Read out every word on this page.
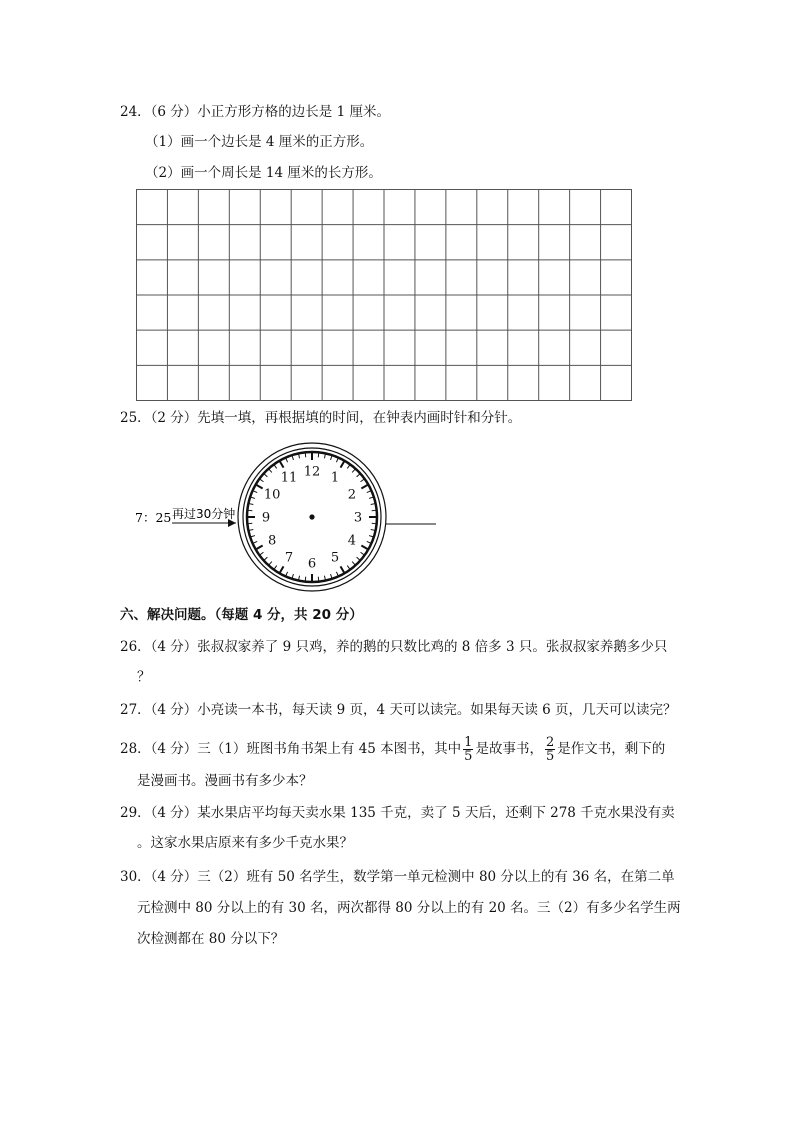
24．（6 分）小正方形方格的边长是 1 厘米。
（1）画一个边长是 4 厘米的正方形。
（2）画一个周长是 14 厘米的长方形。
25．（2 分）先填一填，再根据填的时间，在钟表内画时针和分针。
7：25 再过30分钟
12 1
2
3
4
5
6
7
8
9
10
11
六、解决问题。（每题 4 分，共 20 分）
26．（4 分）张叔叔家养了 9 只鸡，养的鹅的只数比鸡的 8 倍多 3 只。张叔叔家养鹅多少只
？
27．（4 分）小亮读一本书，每天读 9 页，4 天可以读完。如果每天读 6 页，几天可以读完？
28．（4 分）三（1）班图书角书架上有 45 本图书，其中 $\frac{1}{5}$ 是故事书， $\frac{2}{5}$ 是作文书，剩下的
是漫画书。漫画书有多少本？
29．（4 分）某水果店平均每天卖水果 135 千克，卖了 5 天后，还剩下 278 千克水果没有卖
。这家水果店原来有多少千克水果？
30．（4 分）三（2）班有 50 名学生，数学第一单元检测中 80 分以上的有 36 名，在第二单
元检测中 80 分以上的有 30 名，两次都得 80 分以上的有 20 名。三（2）有多少名学生两
次检测都在 80 分以下？
